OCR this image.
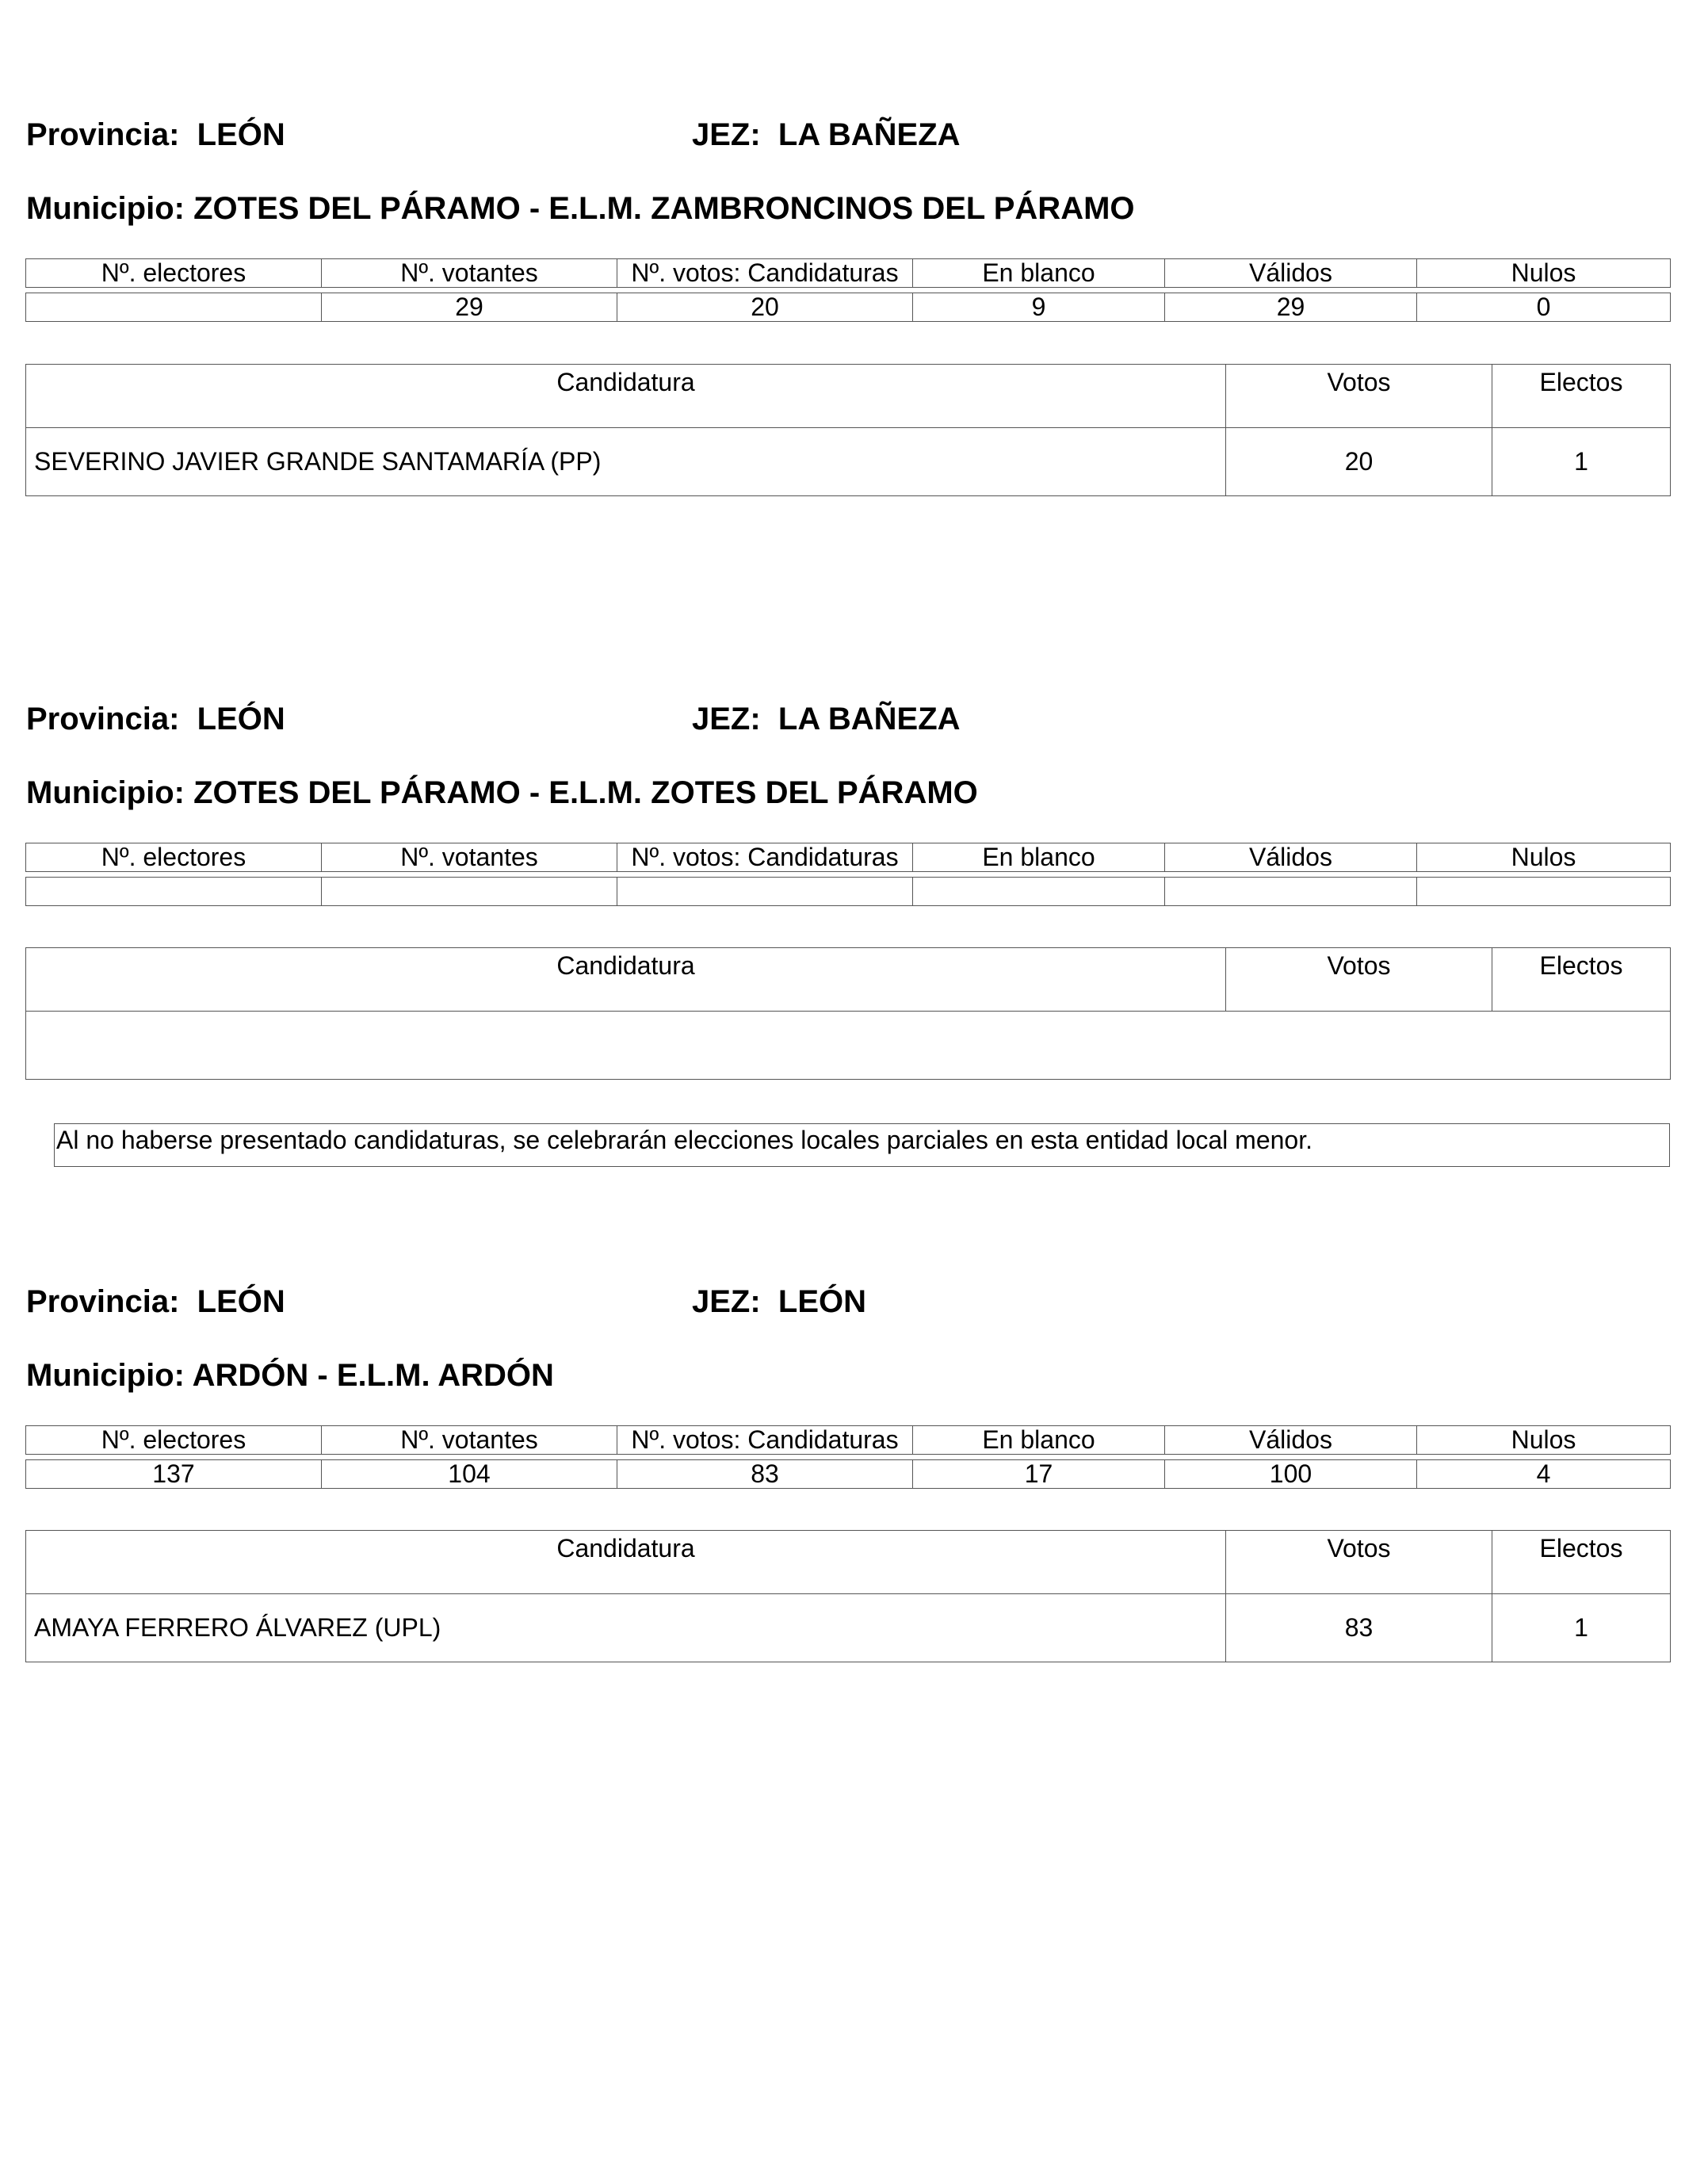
Provincia: LEÓN	JEZ: LA BAÑEZA
Municipio: ZOTES DEL PÁRAMO - E.L.M. ZAMBRONCINOS DEL PÁRAMO
Nº. electores	Nº. votantes	Nº. votos: Candidaturas	En blanco	Válidos	Nulos

	29	20	9	29	0
Candidatura	Votos	Electos
SEVERINO JAVIER GRANDE SANTAMARÍA (PP)	20	1
Provincia: LEÓN	JEZ: LA BAÑEZA
Municipio: ZOTES DEL PÁRAMO - E.L.M. ZOTES DEL PÁRAMO
Nº. electores	Nº. votantes	Nº. votos: Candidaturas	En blanco	Válidos	Nulos

Candidatura	Votos	Electos

Al no haberse presentado candidaturas, se celebrarán elecciones locales parciales en esta entidad local menor.
Provincia: LEÓN	JEZ: LEÓN
Municipio: ARDÓN - E.L.M. ARDÓN
Nº. electores	Nº. votantes	Nº. votos: Candidaturas	En blanco	Válidos	Nulos

137	104	83	17	100	4
Candidatura	Votos	Electos
AMAYA FERRERO ÁLVAREZ (UPL)	83	1
